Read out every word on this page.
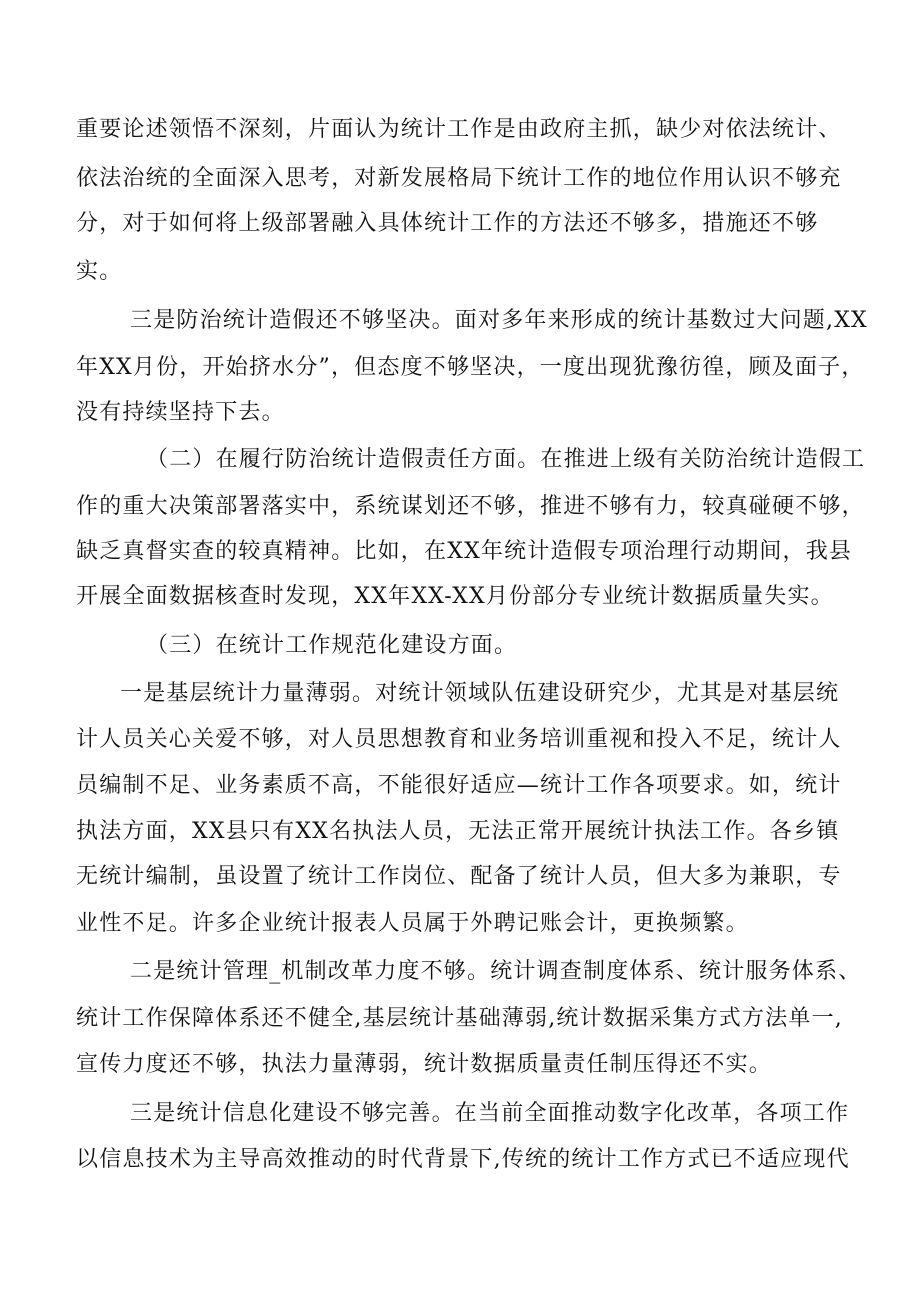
重要论述领悟不深刻，片面认为统计工作是由政府主抓，缺少对依法统计、
依法治统的全面深入思考，对新发展格局下统计工作的地位作用认识不够充
分，对于如何将上级部署融入具体统计工作的方法还不够多，措施还不够
实。
三是防治统计造假还不够坚决。面对多年来形成的统计基数过大问题,XX
年XX月份，开始挤水分”，但态度不够坚决，一度出现犹豫彷徨，顾及面子，
没有持续坚持下去。
（二）在履行防治统计造假责任方面。在推进上级有关防治统计造假工
作的重大决策部署落实中，系统谋划还不够，推进不够有力，较真碰硬不够，
缺乏真督实查的较真精神。比如，在XX年统计造假专项治理行动期间，我县
开展全面数据核查时发现，XX年XX-XX月份部分专业统计数据质量失实。
（三）在统计工作规范化建设方面。
一是基层统计力量薄弱。对统计领域队伍建设研究少，尤其是对基层统
计人员关心关爱不够，对人员思想教育和业务培训重视和投入不足，统计人
员编制不足、业务素质不高，不能很好适应—统计工作各项要求。如，统计
执法方面，XX县只有XX名执法人员，无法正常开展统计执法工作。各乡镇
无统计编制，虽设置了统计工作岗位、配备了统计人员，但大多为兼职，专
业性不足。许多企业统计报表人员属于外聘记账会计，更换频繁。
二是统计管理_机制改革力度不够。统计调查制度体系、统计服务体系、
统计工作保障体系还不健全,基层统计基础薄弱,统计数据采集方式方法单一,
宣传力度还不够，执法力量薄弱，统计数据质量责任制压得还不实。
三是统计信息化建设不够完善。在当前全面推动数字化改革，各项工作
以信息技术为主导高效推动的时代背景下,传统的统计工作方式已不适应现代
